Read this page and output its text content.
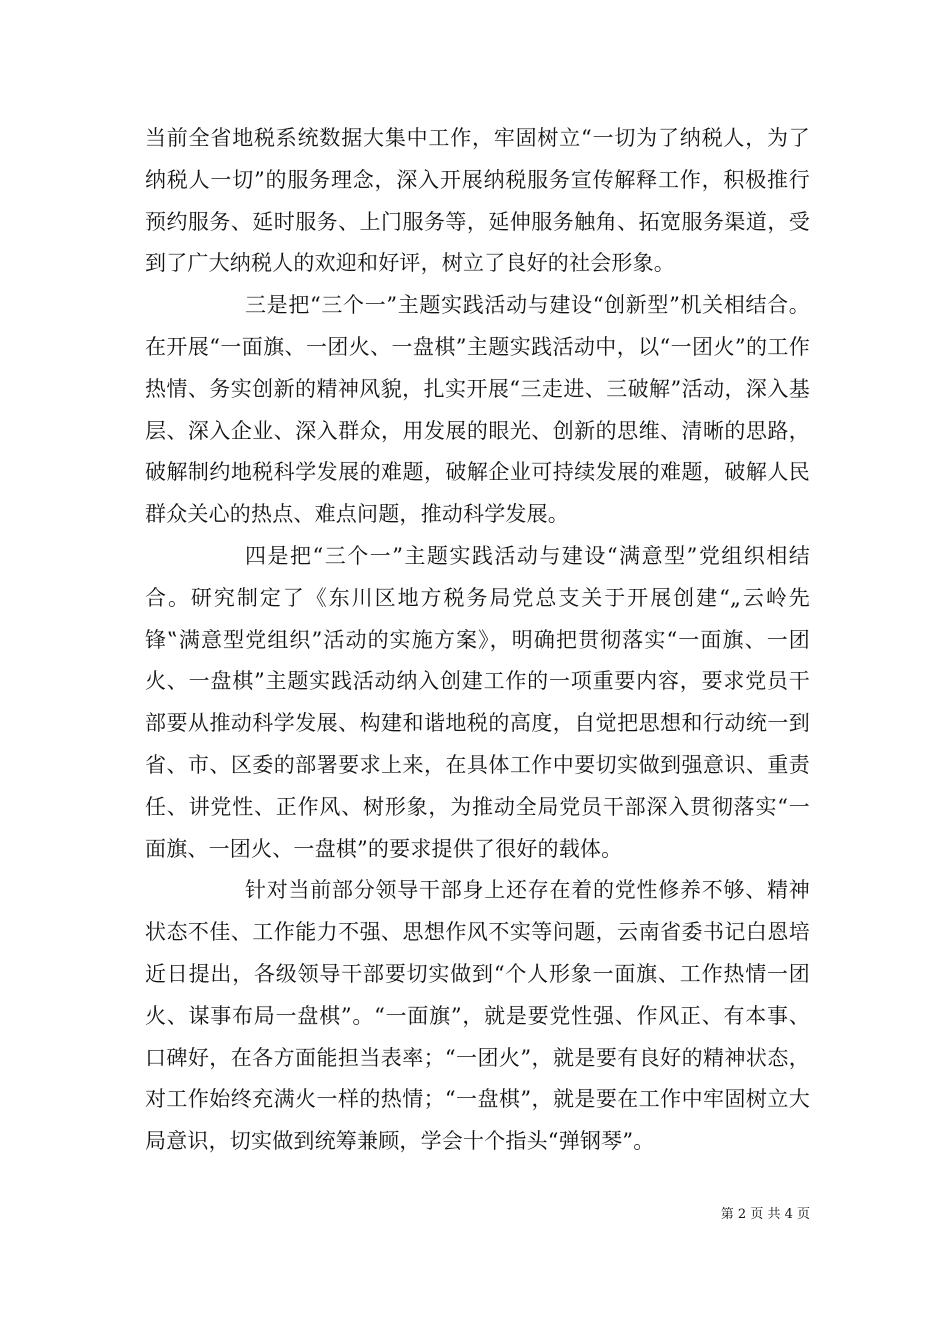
当前全省地税系统数据大集中工作，牢固树立“一切为了纳税人，为了纳税人一切”的服务理念，深入开展纳税服务宣传解释工作，积极推行预约服务、延时服务、上门服务等，延伸服务触角、拓宽服务渠道，受到了广大纳税人的欢迎和好评，树立了良好的社会形象。

三是把“三个一”主题实践活动与建设“创新型”机关相结合。在开展“一面旗、一团火、一盘棋”主题实践活动中，以“一团火”的工作热情、务实创新的精神风貌，扎实开展“三走进、三破解”活动，深入基层、深入企业、深入群众，用发展的眼光、创新的思维、清晰的思路，破解制约地税科学发展的难题，破解企业可持续发展的难题，破解人民群众关心的热点、难点问题，推动科学发展。

四是把“三个一”主题实践活动与建设“满意型”党组织相结合。研究制定了《东川区地方税务局党总支关于开展创建“„云岭先锋‟满意型党组织”活动的实施方案》，明确把贯彻落实“一面旗、一团火、一盘棋”主题实践活动纳入创建工作的一项重要内容，要求党员干部要从推动科学发展、构建和谐地税的高度，自觉把思想和行动统一到省、市、区委的部署要求上来，在具体工作中要切实做到强意识、重责任、讲党性、正作风、树形象，为推动全局党员干部深入贯彻落实“一面旗、一团火、一盘棋”的要求提供了很好的载体。

针对当前部分领导干部身上还存在着的党性修养不够、精神状态不佳、工作能力不强、思想作风不实等问题，云南省委书记白恩培近日提出，各级领导干部要切实做到“个人形象一面旗、工作热情一团火、谋事布局一盘棋”。“一面旗”，就是要党性强、作风正、有本事、口碑好，在各方面能担当表率；“一团火”，就是要有良好的精神状态，对工作始终充满火一样的热情；“一盘棋”，就是要在工作中牢固树立大局意识，切实做到统筹兼顾，学会十个指头“弹钢琴”。

第 2 页 共 4 页
